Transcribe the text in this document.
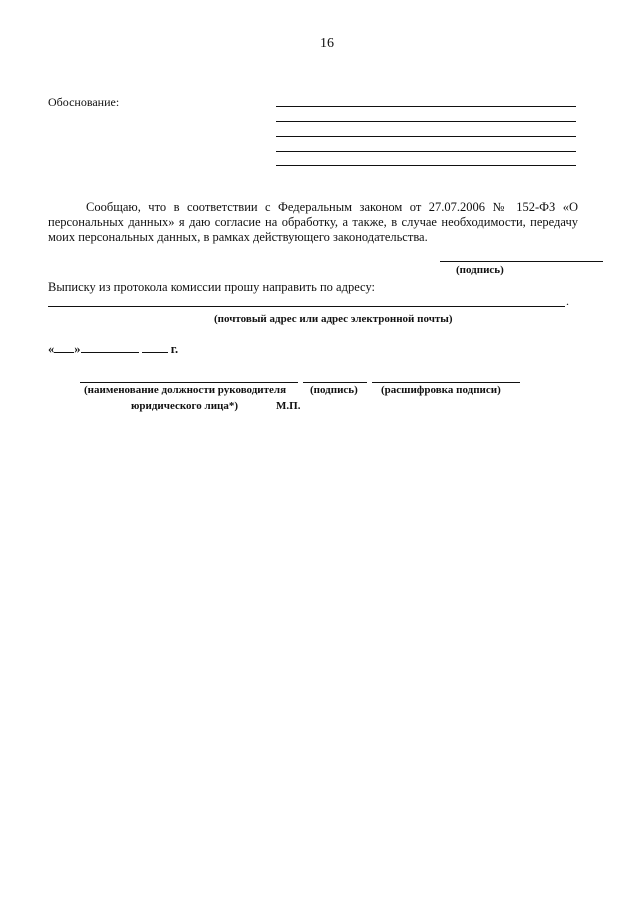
16
Обоснование:
Сообщаю, что в соответствии с Федеральным законом от 27.07.2006 № 152-ФЗ «О персональных данных» я даю согласие на обработку, а также, в случае необходимости, передачу моих персональных данных, в рамках действующего законодательства.
(подпись)
Выписку из протокола комиссии прошу направить по адресу:
.
(почтовый адрес или адрес электронной почты)
« »	г.
(наименование должности руководителя
юридического лица*)
(подпись) (расшифровка подписи)
М.П.
